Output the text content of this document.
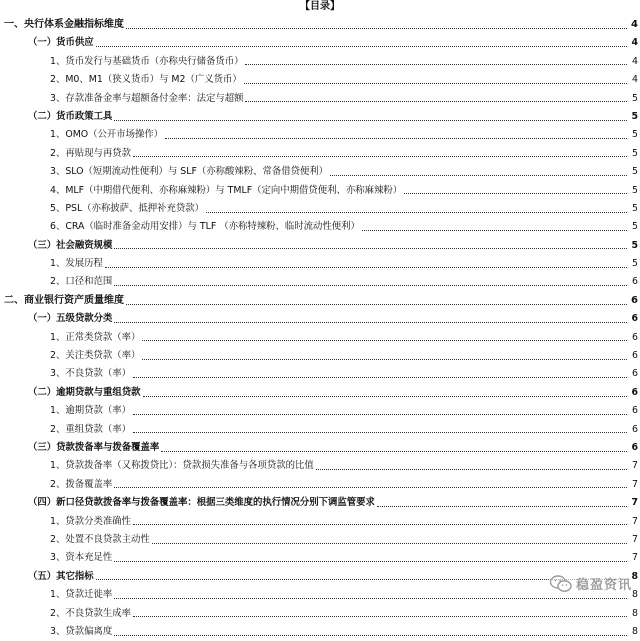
【目录】
一、央行体系金融指标维度	4
（一）货币供应	4
1、货币发行与基础货币（亦称央行储备货币）	4
2、M0、M1（狭义货币）与 M2（广义货币）	4
3、存款准备金率与超额备付金率：法定与超额	5
（二）货币政策工具	5
1、OMO（公开市场操作）	5
2、再贴现与再贷款	5
3、SLO（短期流动性便利）与 SLF（亦称酸辣粉、常备借贷便利）	5
4、MLF（中期借代便利、亦称麻辣粉）与 TMLF（定向中期借贷便利、亦称麻辣粉）	5
5、PSL（亦称披萨、抵押补充贷款）	5
6、CRA（临时准备金动用安排）与 TLF （亦称特辣粉、临时流动性便利）	5
（三）社会融资规模	5
1、发展历程	5
2、口径和范围	6
二、商业银行资产质量维度	6
（一）五级贷款分类	6
1、正常类贷款（率）	6
2、关注类贷款（率）	6
3、不良贷款（率）	6
（二）逾期贷款与重组贷款	6
1、逾期贷款（率）	6
2、重组贷款（率）	6
（三）贷款拨备率与拨备覆盖率	6
1、贷款拨备率（又称拨贷比）：贷款损失准备与各项贷款的比值	7
2、拨备覆盖率	7
（四）新口径贷款拨备率与拨备覆盖率：根据三类维度的执行情况分别下调监管要求	7
1、贷款分类准确性	7
2、处置不良贷款主动性	7
3、资本充足性	7
（五）其它指标	8
1、贷款迁徙率	8
2、不良贷款生成率	8
3、贷款偏离度	8
稳盈资讯
